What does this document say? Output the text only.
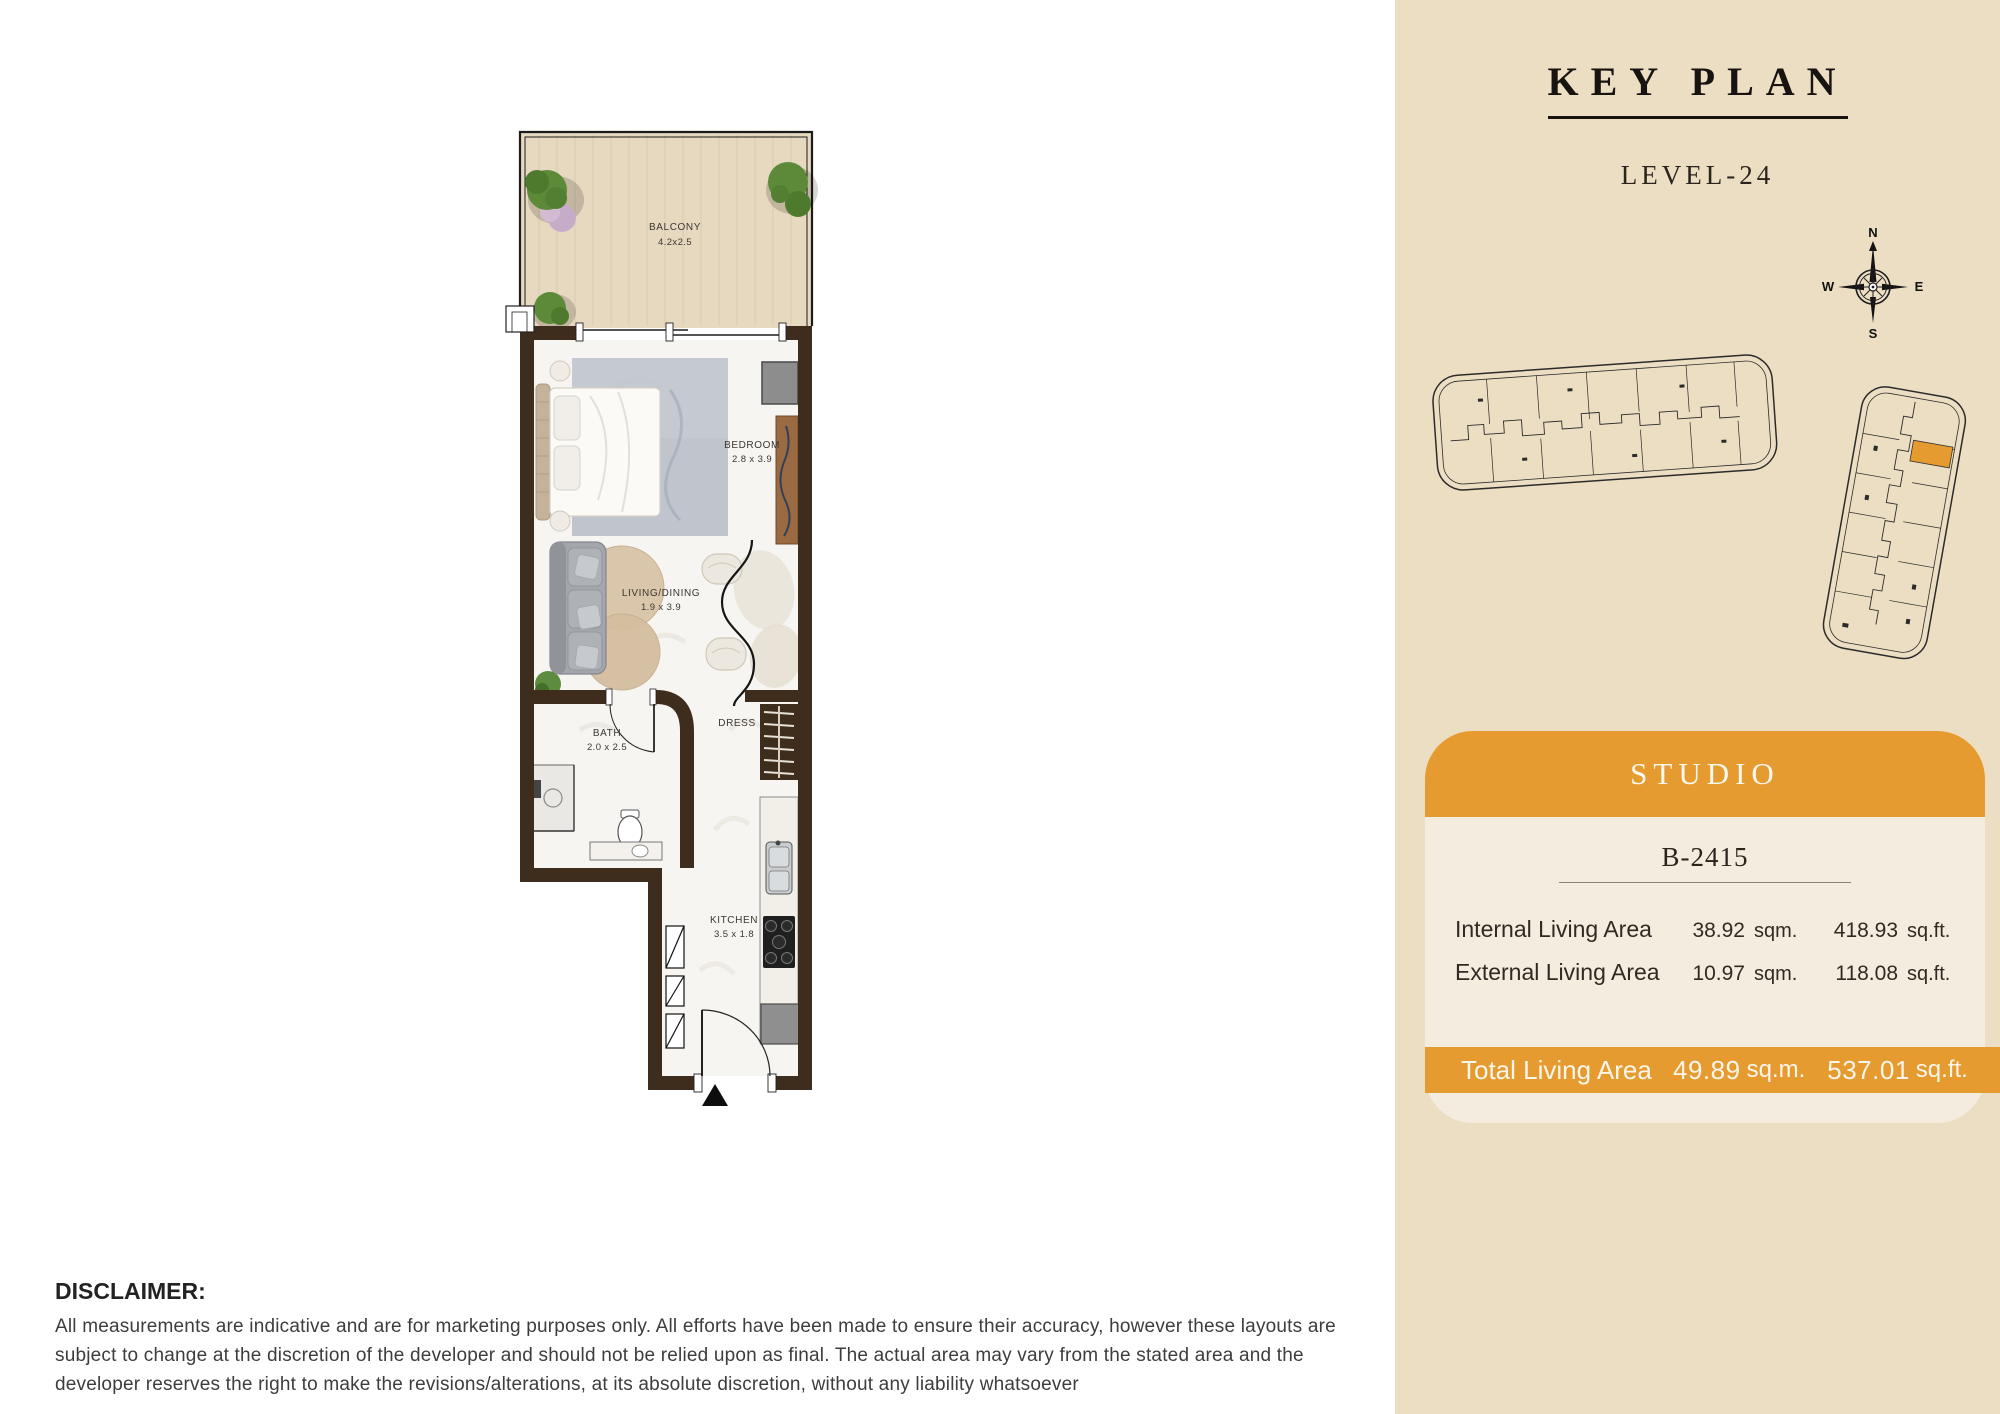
BALCONY
4.2x2.5
BEDROOM
2.8 x 3.9
LIVING/DINING
1.9 x 3.9
BATH
2.0 x 2.5
DRESS
KITCHEN
3.5 x 1.8
KEY PLAN
LEVEL-24
N
S
W	E
STUDIO
B-2415
Internal Living Area	38.92 sqm.	418.93 sq.ft.
External Living Area	10.97 sqm.	118.08 sq.ft.
Total Living Area 49.89 sq.m. 537.01 sq.ft.
DISCLAIMER:
All measurements are indicative and are for marketing purposes only. All efforts have been made to ensure their accuracy, however these layouts are subject to change at the discretion of the developer and should not be relied upon as final. The actual area may vary from the stated area and the developer reserves the right to make the revisions/alterations, at its absolute discretion, without any liability whatsoever
